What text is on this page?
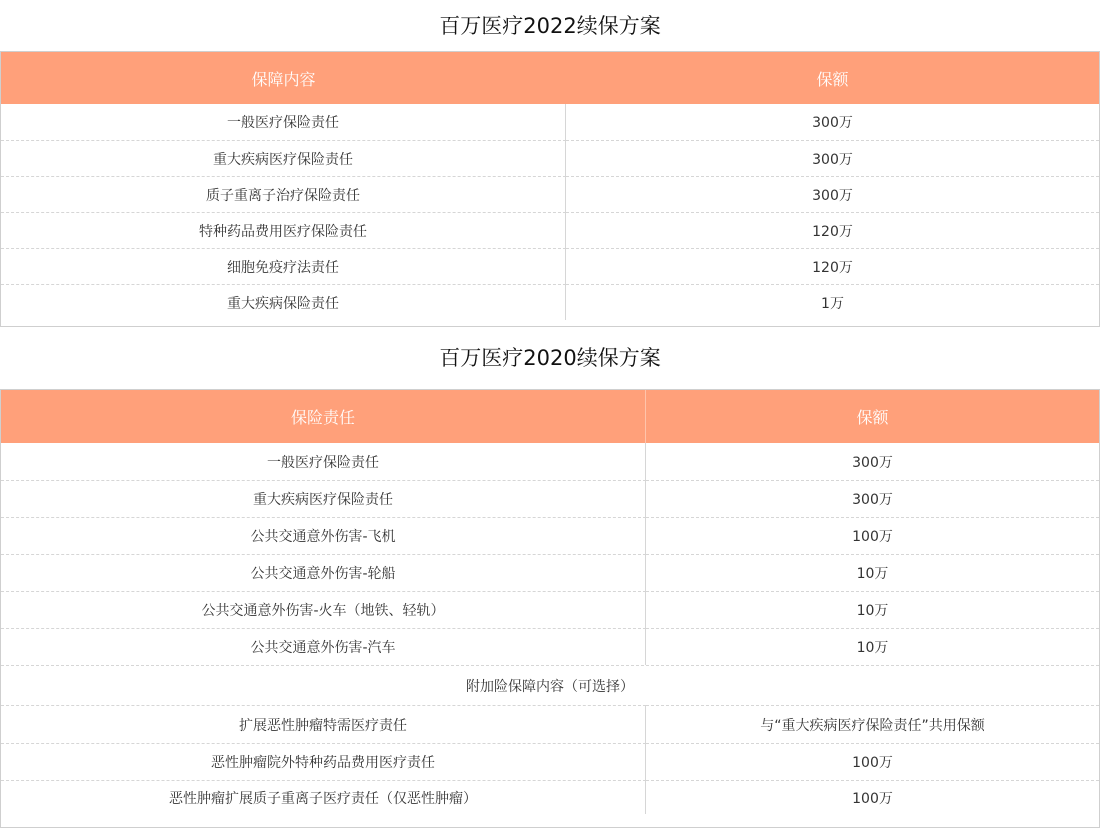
百万医疗2022续保方案
保障内容	保额
一般医疗保险责任	300万
重大疾病医疗保险责任	300万
质子重离子治疗保险责任	300万
特种药品费用医疗保险责任	120万
细胞免疫疗法责任	120万
重大疾病保险责任	1万
百万医疗2020续保方案
保险责任	保额
一般医疗保险责任	300万
重大疾病医疗保险责任	300万
公共交通意外伤害-飞机	100万
公共交通意外伤害-轮船	10万
公共交通意外伤害-火车（地铁、轻轨）	10万
公共交通意外伤害-汽车	10万
附加险保障内容（可选择）
扩展恶性肿瘤特需医疗责任	与“重大疾病医疗保险责任”共用保额
恶性肿瘤院外特种药品费用医疗责任	100万
恶性肿瘤扩展质子重离子医疗责任（仅恶性肿瘤）	100万
